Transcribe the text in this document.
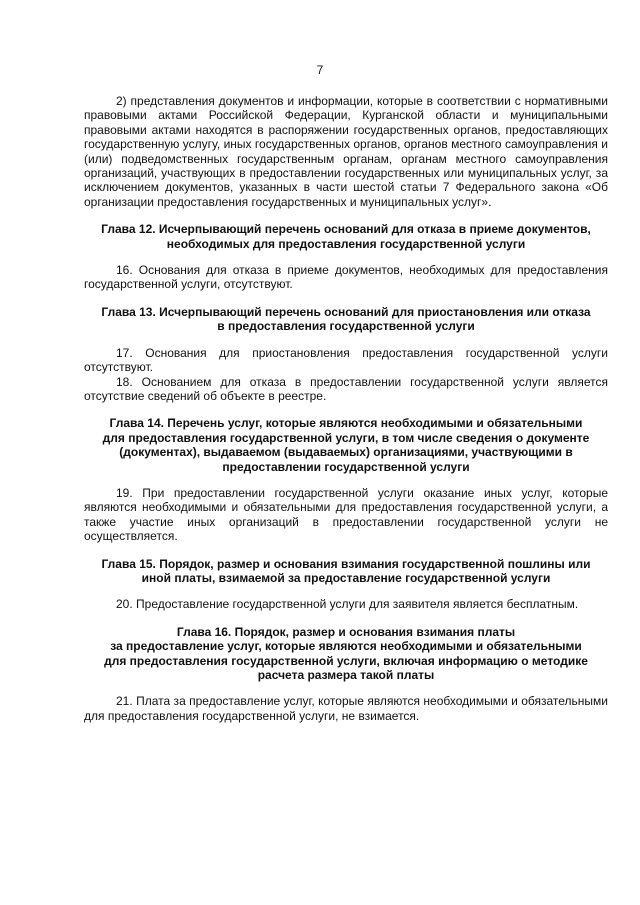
7

2) представления документов и информации, которые в соответствии с нормативными правовыми актами Российской Федерации, Курганской области и муниципальными правовыми актами находятся в распоряжении государственных органов, предоставляющих государственную услугу, иных государственных органов, органов местного самоуправления и (или) подведомственных государственным органам, органам местного самоуправления организаций, участвующих в предоставлении государственных или муниципальных услуг, за исключением документов, указанных в части шестой статьи 7 Федерального закона «Об организации предоставления государственных и муниципальных услуг».

Глава 12. Исчерпывающий перечень оснований для отказа в приеме документов,
необходимых для предоставления государственной услуги

16. Основания для отказа в приеме документов, необходимых для предоставления государственной услуги, отсутствуют.

Глава 13. Исчерпывающий перечень оснований для приостановления или отказа
в предоставления государственной услуги

17. Основания для приостановления предоставления государственной услуги отсутствуют.

18. Основанием для отказа в предоставлении государственной услуги является отсутствие сведений об объекте в реестре.

Глава 14. Перечень услуг, которые являются необходимыми и обязательными
для предоставления государственной услуги, в том числе сведения о документе
(документах), выдаваемом (выдаваемых) организациями, участвующими в
предоставлении государственной услуги

19. При предоставлении государственной услуги оказание иных услуг, которые являются необходимыми и обязательными для предоставления государственной услуги, а также участие иных организаций в предоставлении государственной услуги не осуществляется.

Глава 15. Порядок, размер и основания взимания государственной пошлины или
иной платы, взимаемой за предоставление государственной услуги

20. Предоставление государственной услуги для заявителя является бесплатным.

Глава 16. Порядок, размер и основания взимания платы
за предоставление услуг, которые являются необходимыми и обязательными
для предоставления государственной услуги, включая информацию о методике
расчета размера такой платы

21. Плата за предоставление услуг, которые являются необходимыми и обязательными для предоставления государственной услуги, не взимается.
